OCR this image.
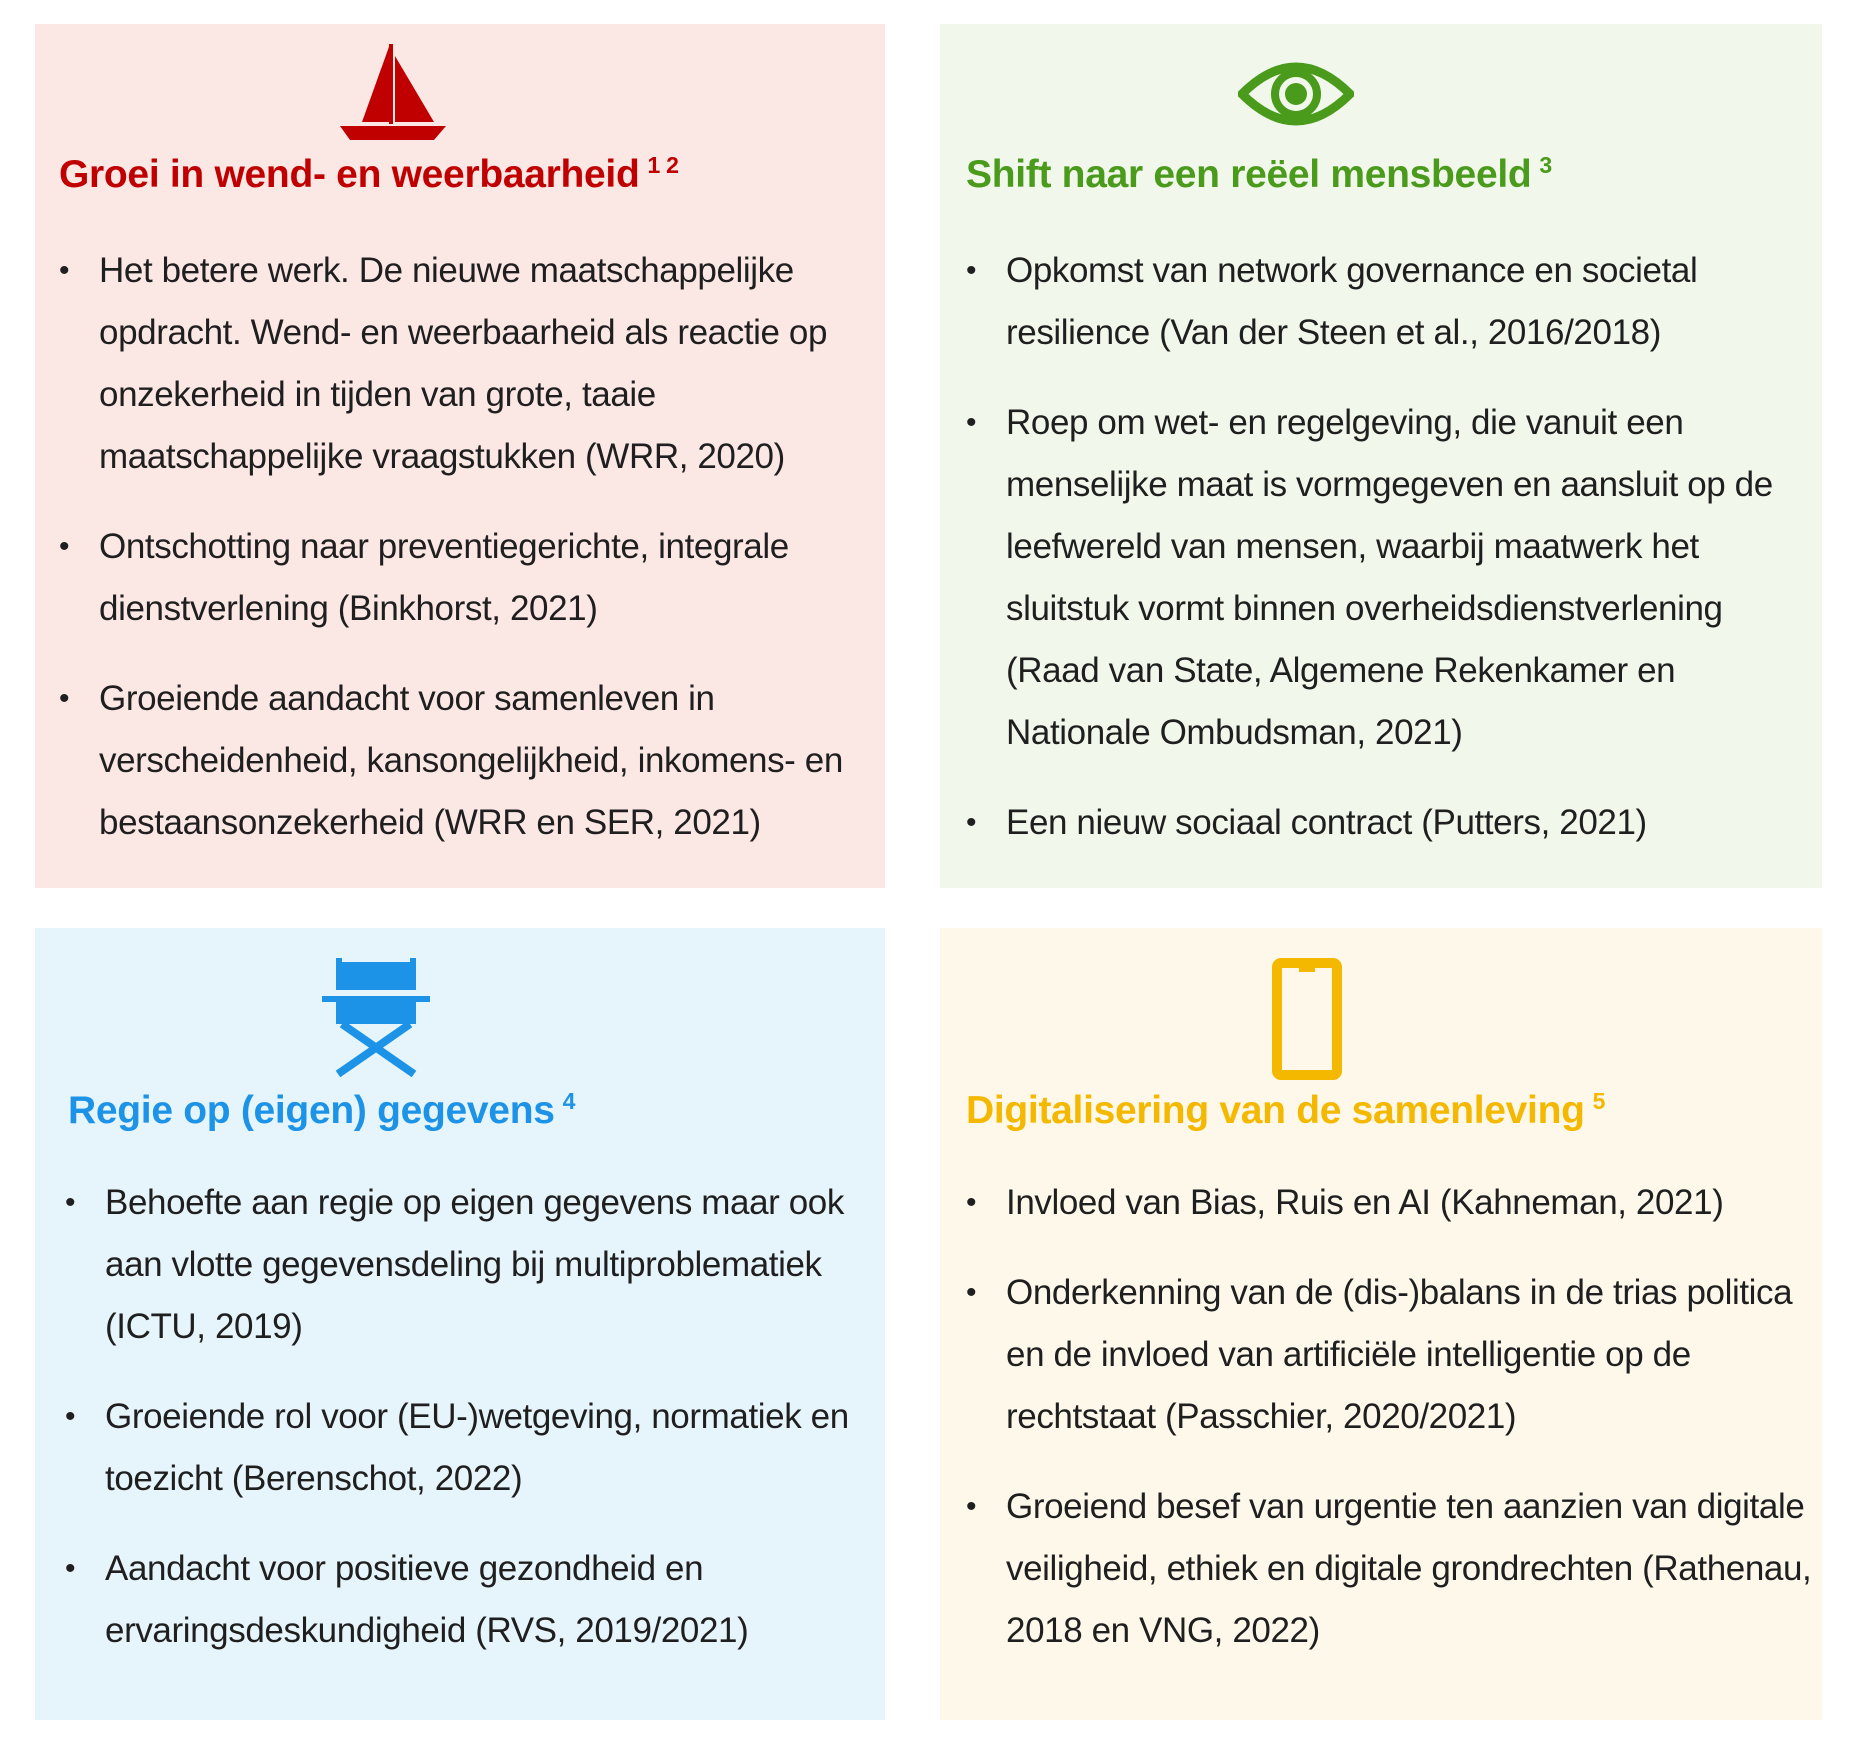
Groei in wend- en weerbaarheid $^{1 2}$
• Het betere werk. De nieuwe maatschappelijke opdracht. Wend- en weerbaarheid als reactie op onzekerheid in tijden van grote, taaie maatschappelijke vraagstukken (WRR, 2020)
• Ontschotting naar preventiegerichte, integrale dienstverlening (Binkhorst, 2021)
• Groeiende aandacht voor samenleven in verscheidenheid, kansongelijkheid, inkomens- en bestaansonzekerheid (WRR en SER, 2021)
Shift naar een reëel mensbeeld $^3$
• Opkomst van network governance en societal resilience (Van der Steen et al., 2016/2018)
• Roep om wet- en regelgeving, die vanuit een menselijke maat is vormgegeven en aansluit op de leefwereld van mensen, waarbij maatwerk het sluitstuk vormt binnen overheidsdienstverlening (Raad van State, Algemene Rekenkamer en Nationale Ombudsman, 2021)
• Een nieuw sociaal contract (Putters, 2021)
Regie op (eigen) gegevens $^4$
• Behoefte aan regie op eigen gegevens maar ook aan vlotte gegevensdeling bij multiproblematiek (ICTU, 2019)
• Groeiende rol voor (EU-)wetgeving, normatiek en toezicht (Berenschot, 2022)
• Aandacht voor positieve gezondheid en ervaringsdeskundigheid (RVS, 2019/2021)
Digitalisering van de samenleving $^5$
• Invloed van Bias, Ruis en AI (Kahneman, 2021)
• Onderkenning van de (dis-)balans in de trias politica en de invloed van artificiële intelligentie op de rechtstaat (Passchier, 2020/2021)
• Groeiend besef van urgentie ten aanzien van digitale veiligheid, ethiek en digitale grondrechten (Rathenau, 2018 en VNG, 2022)
